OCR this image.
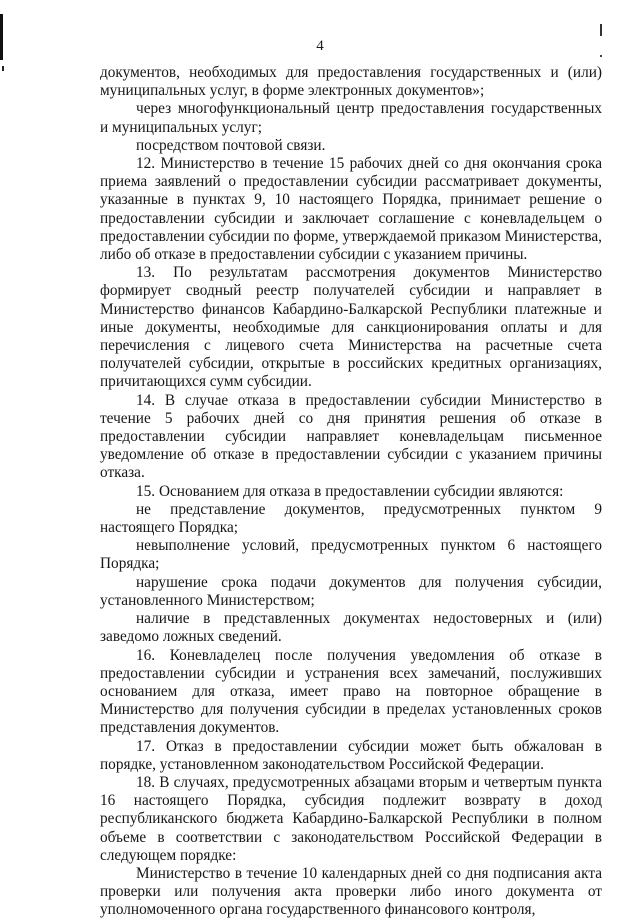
4

документов, необходимых для предоставления государственных и (или) муниципальных услуг, в форме электронных документов»;

через многофункциональный центр предоставления государственных и муниципальных услуг;

посредством почтовой связи.

12. Министерство в течение 15 рабочих дней со дня окончания срока приема заявлений о предоставлении субсидии рассматривает документы, указанные в пунктах 9, 10 настоящего Порядка, принимает решение о предоставлении субсидии и заключает соглашение с коневладельцем о предоставлении субсидии по форме, утверждаемой приказом Министерства, либо об отказе в предоставлении субсидии с указанием причины.

13. По результатам рассмотрения документов Министерство формирует сводный реестр получателей субсидии и направляет в Министерство финансов Кабардино-Балкарской Республики платежные и иные документы, необходимые для санкционирования оплаты и для перечисления с лицевого счета Министерства на расчетные счета получателей субсидии, открытые в российских кредитных организациях, причитающихся сумм субсидии.

14. В случае отказа в предоставлении субсидии Министерство в течение 5 рабочих дней со дня принятия решения об отказе в предоставлении субсидии направляет коневладельцам письменное уведомление об отказе в предоставлении субсидии с указанием причины отказа.

15. Основанием для отказа в предоставлении субсидии являются:

не представление документов, предусмотренных пунктом 9 настоящего Порядка;

невыполнение условий, предусмотренных пунктом 6 настоящего Порядка;

нарушение срока подачи документов для получения субсидии, установленного Министерством;

наличие в представленных документах недостоверных и (или) заведомо ложных сведений.

16. Коневладелец после получения уведомления об отказе в предоставлении субсидии и устранения всех замечаний, послуживших основанием для отказа, имеет право на повторное обращение в Министерство для получения субсидии в пределах установленных сроков представления документов.

17. Отказ в предоставлении субсидии может быть обжалован в порядке, установленном законодательством Российской Федерации.

18. В случаях, предусмотренных абзацами вторым и четвертым пункта 16 настоящего Порядка, субсидия подлежит возврату в доход республиканского бюджета Кабардино-Балкарской Республики в полном объеме в соответствии с законодательством Российской Федерации в следующем порядке:

Министерство в течение 10 календарных дней со дня подписания акта проверки или получения акта проверки либо иного документа от уполномоченного органа государственного финансового контроля,
